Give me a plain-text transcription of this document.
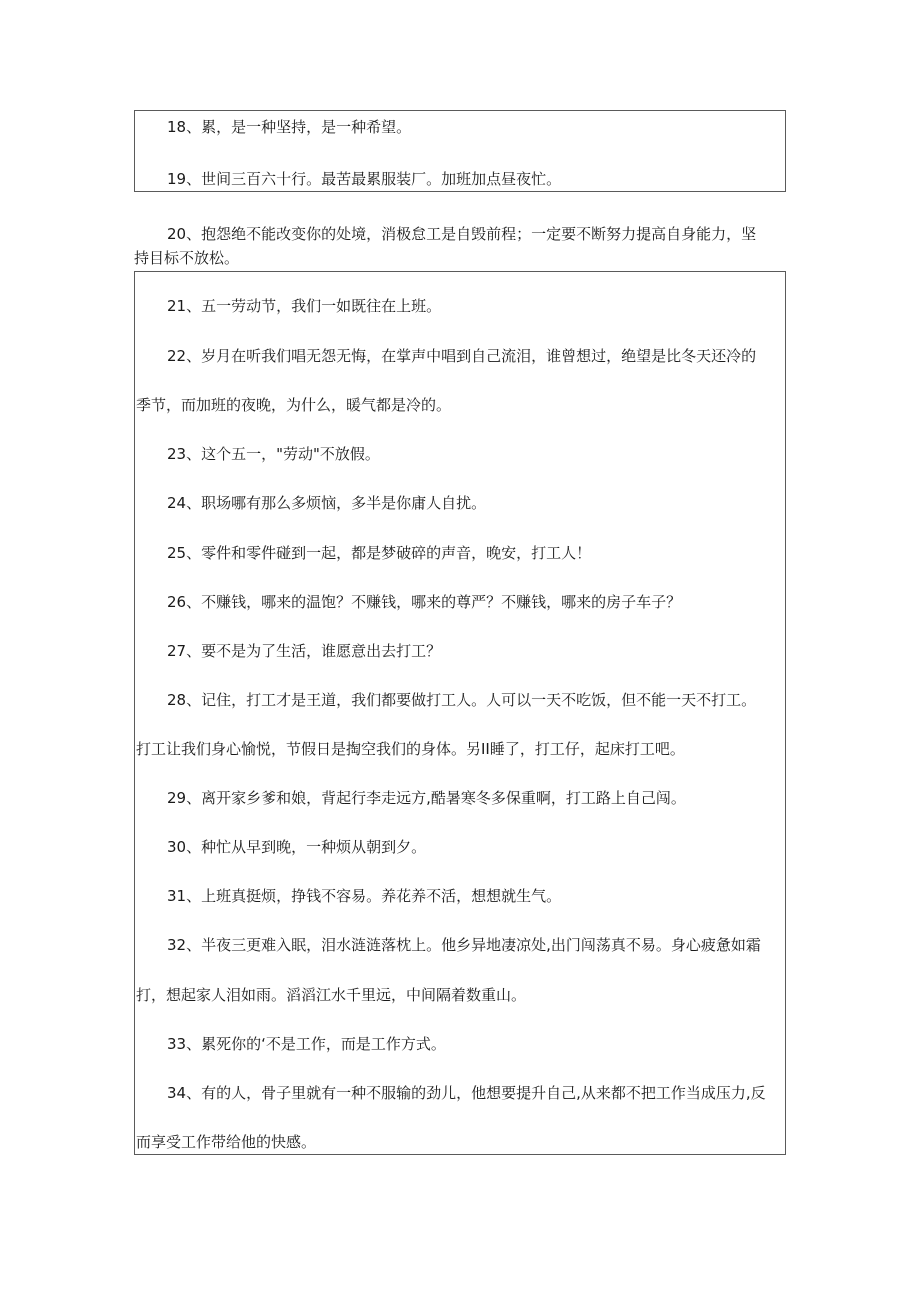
18、累，是一种坚持，是一种希望。

19、世间三百六十行。最苦最累服装厂。加班加点昼夜忙。

20、抱怨绝不能改变你的处境，消极怠工是自毁前程；一定要不断努力提高自身能力，坚

持目标不放松。

21、五一劳动节，我们一如既往在上班。

22、岁月在听我们唱无怨无悔，在掌声中唱到自己流泪，谁曾想过，绝望是比冬天还冷的

季节，而加班的夜晚，为什么，暖气都是冷的。

23、这个五一，"劳动"不放假。

24、职场哪有那么多烦恼，多半是你庸人自扰。

25、零件和零件碰到一起，都是梦破碎的声音，晚安，打工人！

26、不赚钱，哪来的温饱？不赚钱，哪来的尊严？不赚钱，哪来的房子车子？

27、要不是为了生活，谁愿意出去打工？

28、记住，打工才是王道，我们都要做打工人。人可以一天不吃饭，但不能一天不打工。

打工让我们身心愉悦，节假日是掏空我们的身体。另II睡了，打工仔，起床打工吧。

29、离开家乡爹和娘，背起行李走远方,酷暑寒冬多保重啊，打工路上自己闯。

30、种忙从早到晚，一种烦从朝到夕。

31、上班真挺烦，挣钱不容易。养花养不活，想想就生气。

32、半夜三更难入眠，泪水涟涟落枕上。他乡异地凄凉处,出门闯荡真不易。身心疲惫如霜

打，想起家人泪如雨。滔滔江水千里远，中间隔着数重山。

33、累死你的‘不是工作，而是工作方式。

34、有的人，骨子里就有一种不服输的劲儿，他想要提升自己,从来都不把工作当成压力,反

而享受工作带给他的快感。
